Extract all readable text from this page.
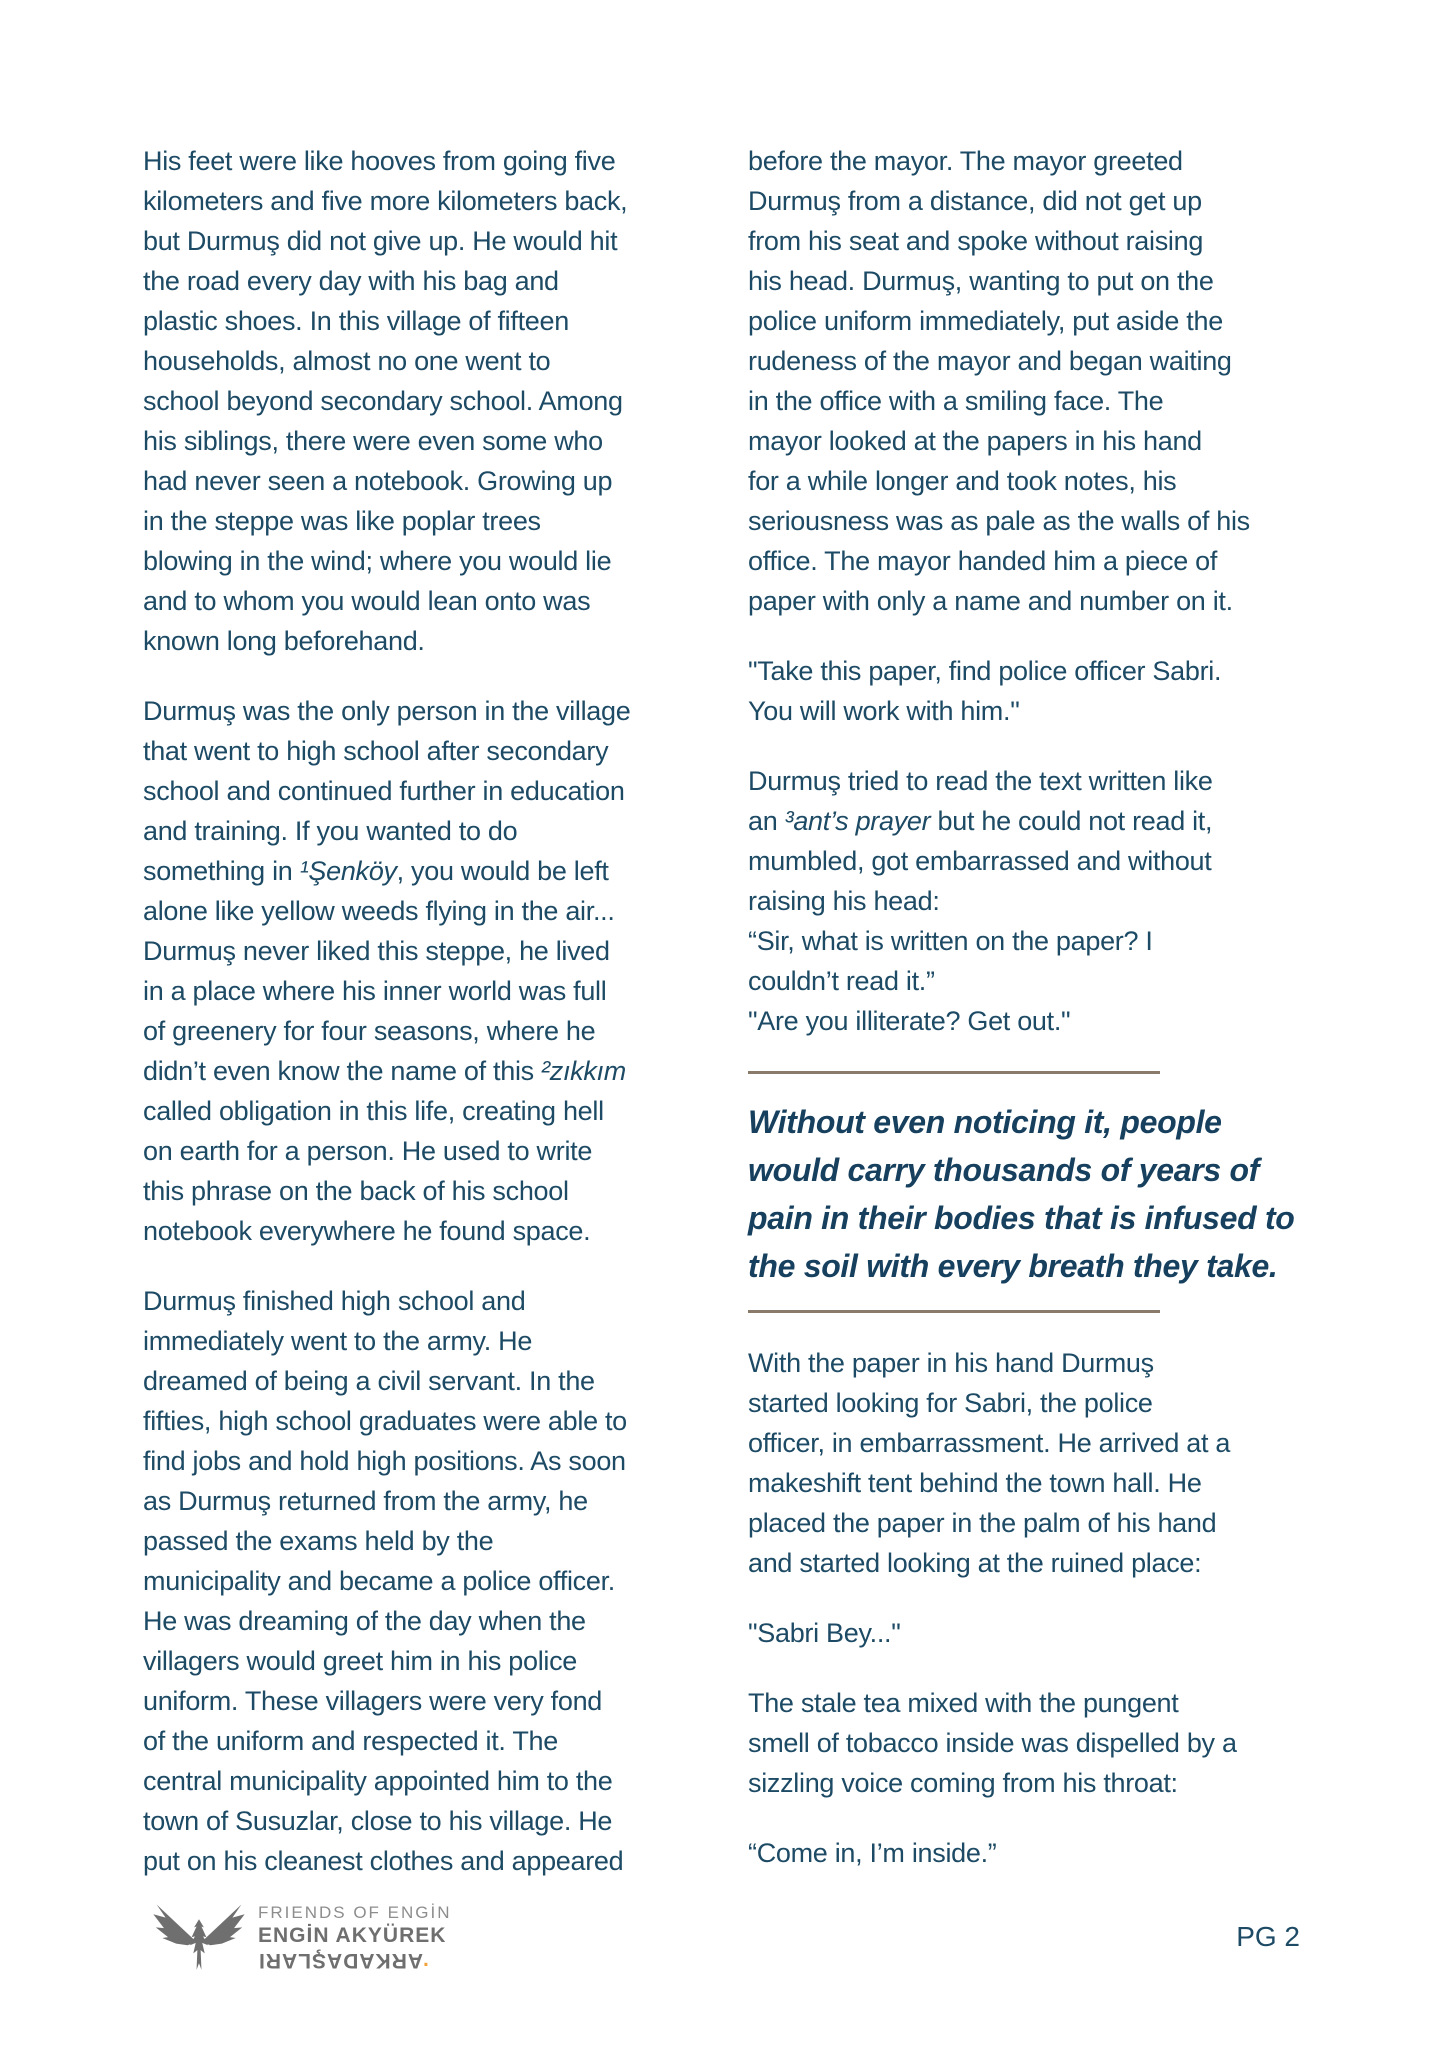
His feet were like hooves from going five
kilometers and five more kilometers back,
but Durmuş did not give up. He would hit
the road every day with his bag and
plastic shoes. In this village of fifteen
households, almost no one went to
school beyond secondary school. Among
his siblings, there were even some who
had never seen a notebook. Growing up
in the steppe was like poplar trees
blowing in the wind; where you would lie
and to whom you would lean onto was
known long beforehand.
Durmuş was the only person in the village
that went to high school after secondary
school and continued further in education
and training. If you wanted to do
something in ¹Şenköy, you would be left
alone like yellow weeds flying in the air...
Durmuş never liked this steppe, he lived
in a place where his inner world was full
of greenery for four seasons, where he
didn’t even know the name of this ²zıkkım
called obligation in this life, creating hell
on earth for a person. He used to write
this phrase on the back of his school
notebook everywhere he found space.
Durmuş finished high school and
immediately went to the army. He
dreamed of being a civil servant. In the
fifties, high school graduates were able to
find jobs and hold high positions. As soon
as Durmuş returned from the army, he
passed the exams held by the
municipality and became a police officer.
He was dreaming of the day when the
villagers would greet him in his police
uniform. These villagers were very fond
of the uniform and respected it. The
central municipality appointed him to the
town of Susuzlar, close to his village. He
put on his cleanest clothes and appeared
before the mayor. The mayor greeted
Durmuş from a distance, did not get up
from his seat and spoke without raising
his head. Durmuş, wanting to put on the
police uniform immediately, put aside the
rudeness of the mayor and began waiting
in the office with a smiling face. The
mayor looked at the papers in his hand
for a while longer and took notes, his
seriousness was as pale as the walls of his
office. The mayor handed him a piece of
paper with only a name and number on it.
"Take this paper, find police officer Sabri.
You will work with him."
Durmuş tried to read the text written like
an ³ant’s prayer but he could not read it,
mumbled, got embarrassed and without
raising his head:
“Sir, what is written on the paper? I
couldn’t read it.”
"Are you illiterate? Get out."
Without even noticing it, people
would carry thousands of years of
pain in their bodies that is infused to
the soil with every breath they take.
With the paper in his hand Durmuş
started looking for Sabri, the police
officer, in embarrassment. He arrived at a
makeshift tent behind the town hall. He
placed the paper in the palm of his hand
and started looking at the ruined place:
"Sabri Bey..."
The stale tea mixed with the pungent
smell of tobacco inside was dispelled by a
sizzling voice coming from his throat:
“Come in, I’m inside.”
FRIENDS OF ENGİN
ENGİN AKYÜREK
ARKADAŞLARI.
PG 2
